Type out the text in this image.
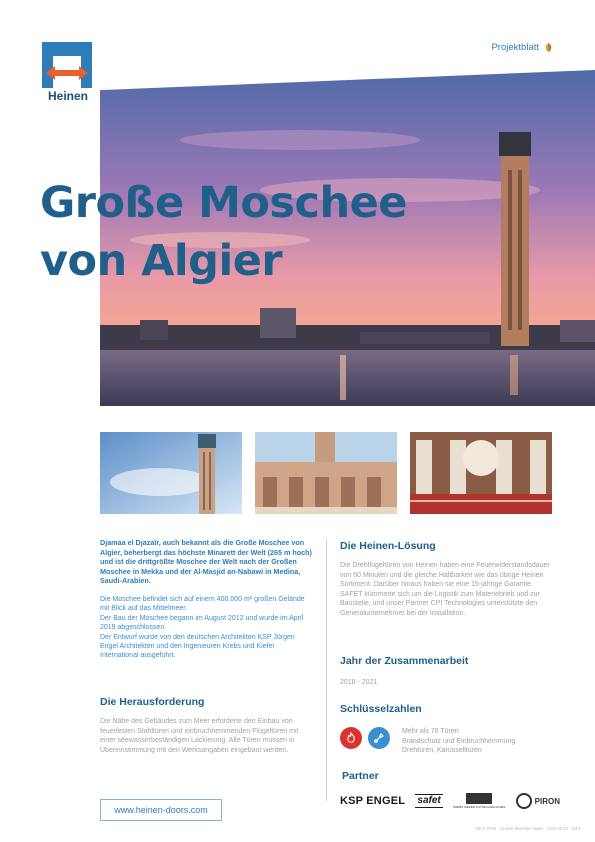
Heinen
Projektblatt
Große Moschee
von Algier

Djamaa el Djazaïr, auch bekannt als die Große Moschee von Algier, beherbergt das höchste Minarett der Welt (265 m hoch) und ist die drittgrößte Moschee der Welt nach der Großen Moschee in Mekka und der Al-Masjid an-Nabawi in Medina, Saudi-Arabien.

Die Moschee befindet sich auf einem 400.000 m² großen Gelände mit Blick auf das Mittelmeer.
Der Bau der Moschee begann im August 2012 und wurde im April 2019 abgeschlossen.
Der Entwurf wurde von den deutschen Architekten KSP Jürgen Engel Architekten und den Ingenieuren Krebs und Kiefer International ausgeführt.

Die Herausforderung

Die Nähe des Gebäudes zum Meer erforderte den Einbau von feuerfesten Stahltüren und einbruchhemmenden Flügeltüren mit einer seewasserbeständigen Lackierung. Alle Türen müssen in Übereinstimmung mit den Werksangaben eingebaut werden.

Die Heinen-Lösung

Die Drehflügeltüren von Heinen haben eine Feuerwiderstandsdauer von 60 Minuten und die gleiche Haltbarkeit wie das übrige Heinen Sortiment. Darüber hinaus haben sie eine 15-jährige Garantie. SAFET kümmerte sich um die Logistik zum Materiebrieb und zur Baustelle, und unser Partner CPI Technologies unterstützte den Generalunternehmer bei der Installation.

Jahr der Zusammenarbeit

2018 - 2021

Schlüsselzahlen

Mehr als 70 Türen
Brandschutz und Einbruchhemmung
Drehtüren, Karusselltüren

Partner
KSP ENGEL safet
KREBS KIEFER KOI TECHNOLOGIES
PIRON
www.heinen-doors.com
DE/A.P003 - Grosse Moschee Algier - 2022.06.23 - 2/2/1
